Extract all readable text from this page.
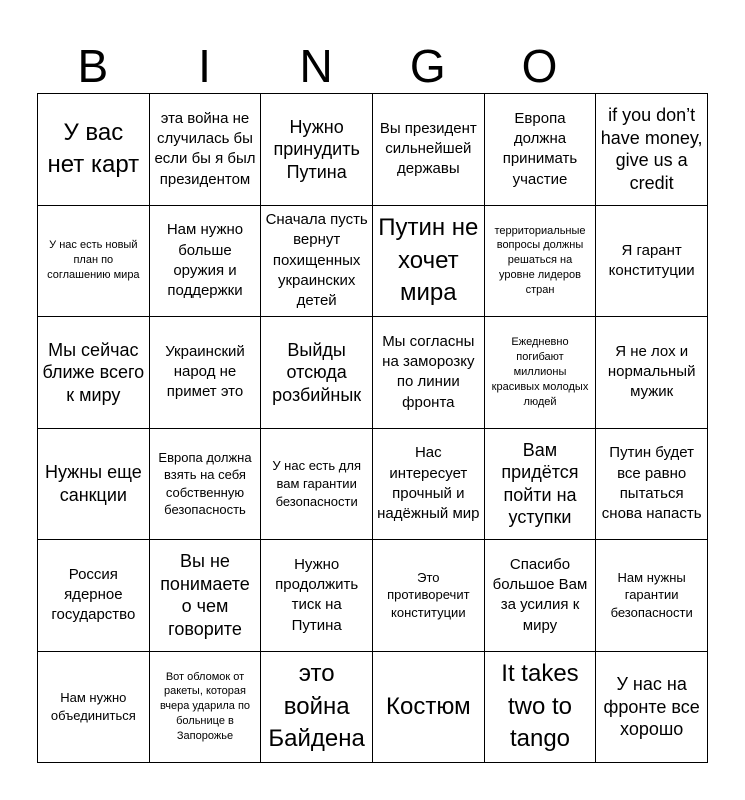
B	I	N	G	O
У вас нет карт
эта война не случилась бы если бы я был президентом
Нужно принудить Путина
Вы президент сильнейшей державы
Европа должна принимать участие
if you don’t have money, give us a credit
У нас есть новый план по соглашению мира
Нам нужно больше оружия и поддержки
Сначала пусть вернут похищенных украинских детей
Путин не хочет мира
территориальные вопросы должны решаться на уровне лидеров стран
Я гарант конституции
Мы сейчас ближе всего к миру
Украинский народ не примет это
Выйды отсюда розбийнык
Мы согласны на заморозку по линии фронта
Ежедневно погибают миллионы красивых молодых людей
Я не лох и нормальный мужик
Нужны еще санкции
Европа должна взять на себя собственную безопасность
У нас есть для вам гарантии безопасности
Нас интересует прочный и надёжный мир
Вам придётся пойти на уступки
Путин будет все равно пытаться снова напасть
Россия ядерное государство
Вы не понимаете о чем говорите
Нужно продолжить тиск на Путина
Это противоречит конституции
Спасибо большое Вам за усилия к миру
Нам нужны гарантии безопасности
Нам нужно объединиться
Вот обломок от ракеты, которая вчера ударила по больнице в Запорожье
это война Байдена
Костюм
It takes two to tango
У нас на фронте все хорошо
